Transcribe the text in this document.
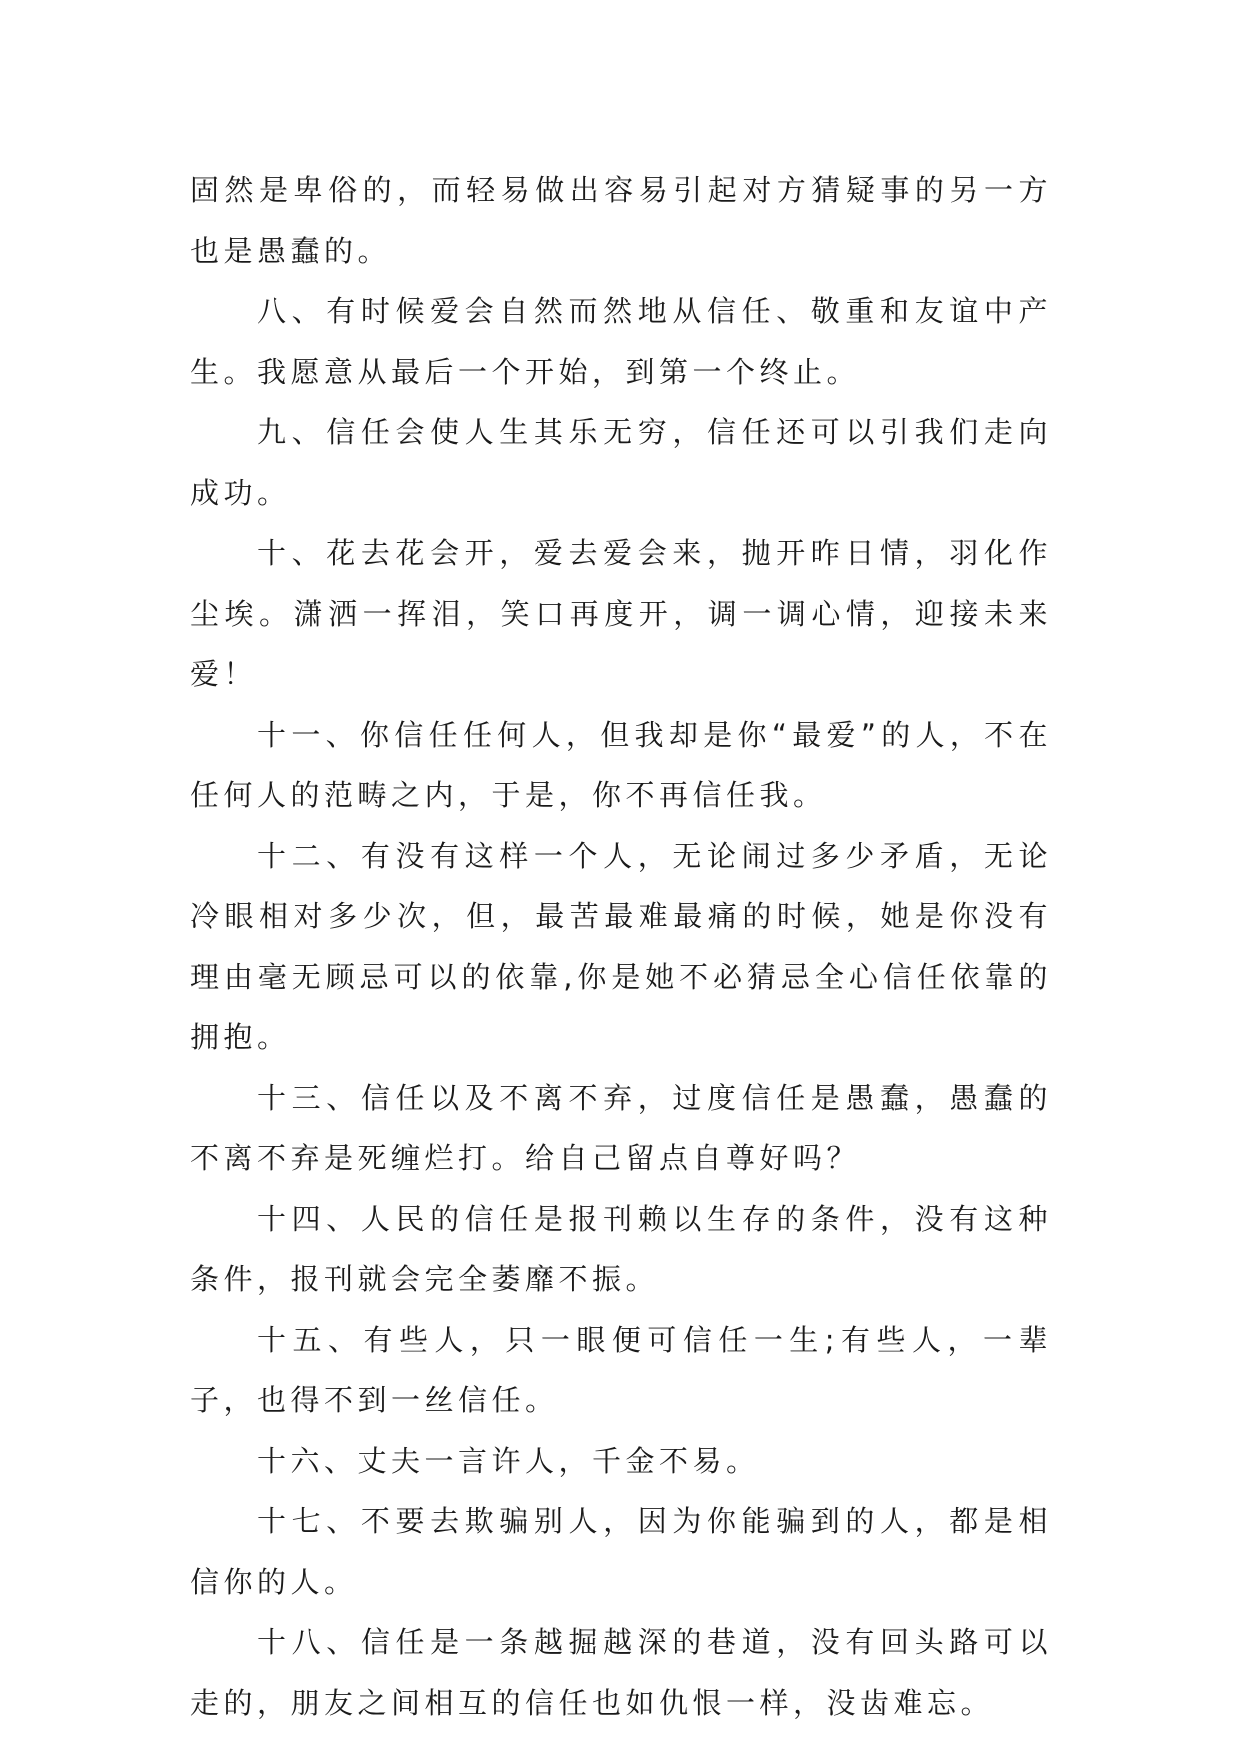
固然是卑俗的，而轻易做出容易引起对方猜疑事的另一方也是愚蠢的。

八、有时候爱会自然而然地从信任、敬重和友谊中产生。我愿意从最后一个开始，到第一个终止。

九、信任会使人生其乐无穷，信任还可以引我们走向成功。

十、花去花会开，爱去爱会来，抛开昨日情，羽化作尘埃。潇洒一挥泪，笑口再度开，调一调心情，迎接未来爱！

十一、你信任任何人，但我却是你“最爱”的人，不在任何人的范畴之内，于是，你不再信任我。

十二、有没有这样一个人，无论闹过多少矛盾，无论冷眼相对多少次，但，最苦最难最痛的时候，她是你没有理由毫无顾忌可以的依靠,你是她不必猜忌全心信任依靠的拥抱。

十三、信任以及不离不弃，过度信任是愚蠢，愚蠢的不离不弃是死缠烂打。给自己留点自尊好吗？

十四、人民的信任是报刊赖以生存的条件，没有这种条件，报刊就会完全萎靡不振。

十五、有些人，只一眼便可信任一生;有些人，一辈子，也得不到一丝信任。

十六、丈夫一言许人，千金不易。

十七、不要去欺骗别人，因为你能骗到的人，都是相信你的人。

十八、信任是一条越掘越深的巷道，没有回头路可以走的，朋友之间相互的信任也如仇恨一样，没齿难忘。
